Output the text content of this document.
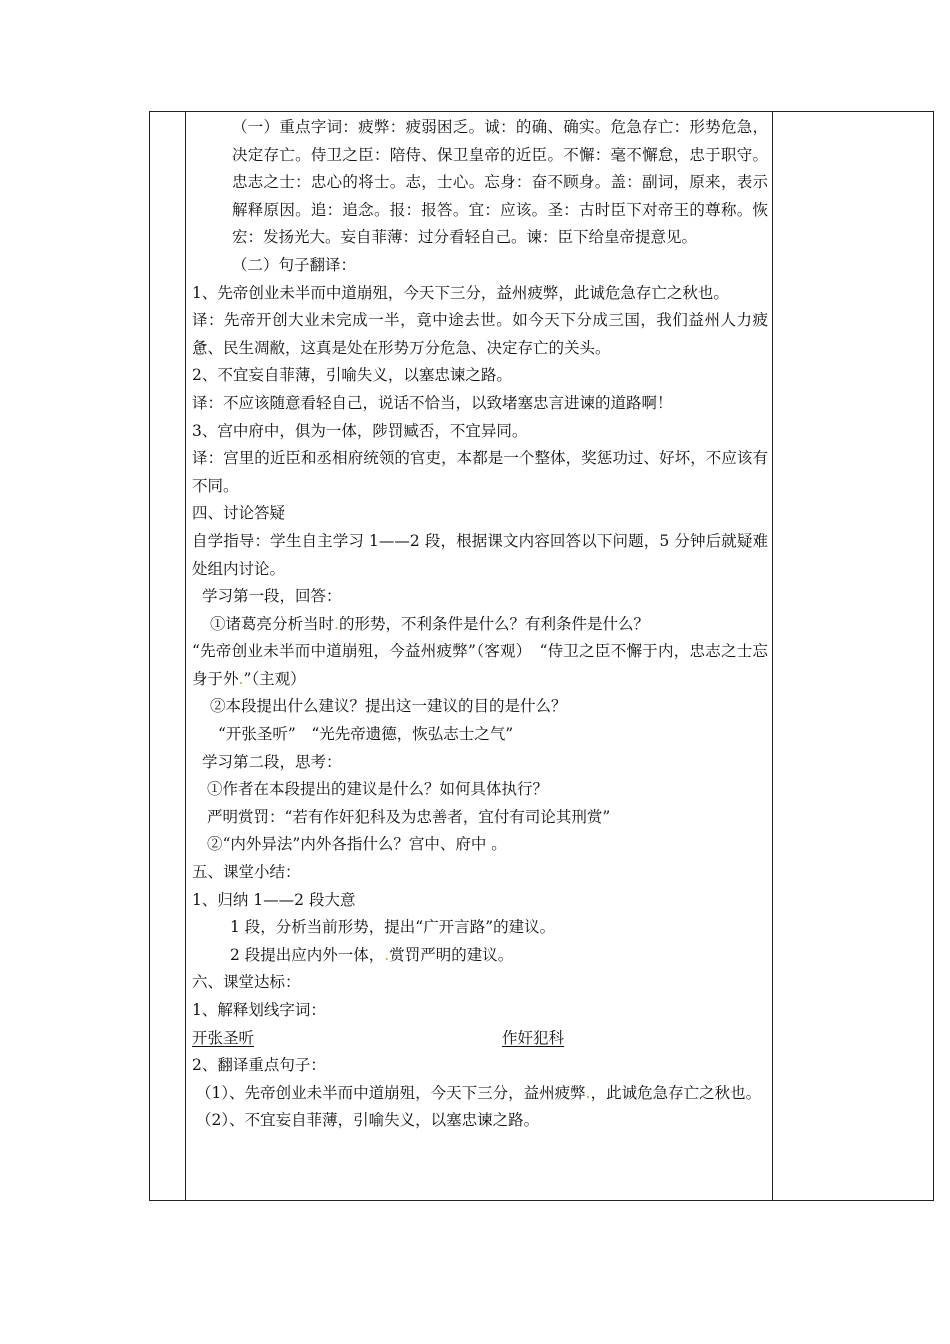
（一）重点字词：疲弊：疲弱困乏。诚：的确、确实。危急存亡：形势危急，决定存亡。侍卫之臣：陪侍、保卫皇帝的近臣。不懈：毫不懈怠，忠于职守。忠志之士：忠心的将士。志，士心。忘身：奋不顾身。盖：副词，原来，表示解释原因。追：追念。报：报答。宜：应该。圣：古时臣下对帝王的尊称。恢宏：发扬光大。妄自菲薄：过分看轻自己。谏：臣下给皇帝提意见。

（二）句子翻译：

1、先帝创业未半而中道崩殂，今天下三分，益州疲弊，此诚危急存亡之秋也。

译：先帝开创大业未完成一半，竟中途去世。如今天下分成三国，我们益州人力疲惫、民生凋敝，这真是处在形势万分危急、决定存亡的关头。

2、不宜妄自菲薄，引喻失义，以塞忠谏之路。

译：不应该随意看轻自己，说话不恰当，以致堵塞忠言进谏的道路啊！

3、宫中府中，俱为一体，陟罚臧否，不宜异同。

译：宫里的近臣和丞相府统领的官吏，本都是一个整体，奖惩功过、好坏，不应该有不同。

四、讨论答疑

自学指导：学生自主学习 1——2 段，根据课文内容回答以下问题，5 分钟后就疑难处组内讨论。

学习第一段，回答：

①诸葛亮分析当时.的形势，不利条件是什么？有利条件是什么？

“先帝创业未半而中道崩殂，今益州疲弊”（客观）　“侍卫之臣不懈于内，忠志之士忘身于外.”（主观）

②本段提出什么建议？提出这一建议的目的是什么？

“开张圣听”　“光先帝遗德，恢弘志士之气”

学习第二段，思考：

①作者在本段提出的建议是什么？如何具体执行？

严明赏罚：“若有作奸犯科及为忠善者，宜付有司论其刑赏”

②“内外异法”内外各指什么？宫中、府中 。

五、课堂小结：

1、归纳 1——2 段大意

1 段，分析当前形势，提出“广开言路”的建议。

2 段提出应内外一体，.赏罚严明的建议。

六、课堂达标：

1、解释划线字词：

开张圣听	作奸犯科

2、翻译重点句子：

（1）、先帝创业未半而中道崩殂，今天下三分，益州疲弊.，此诚危急存亡之秋也。

（2）、不宜妄自菲薄，引喻失义，以塞忠谏之路。
